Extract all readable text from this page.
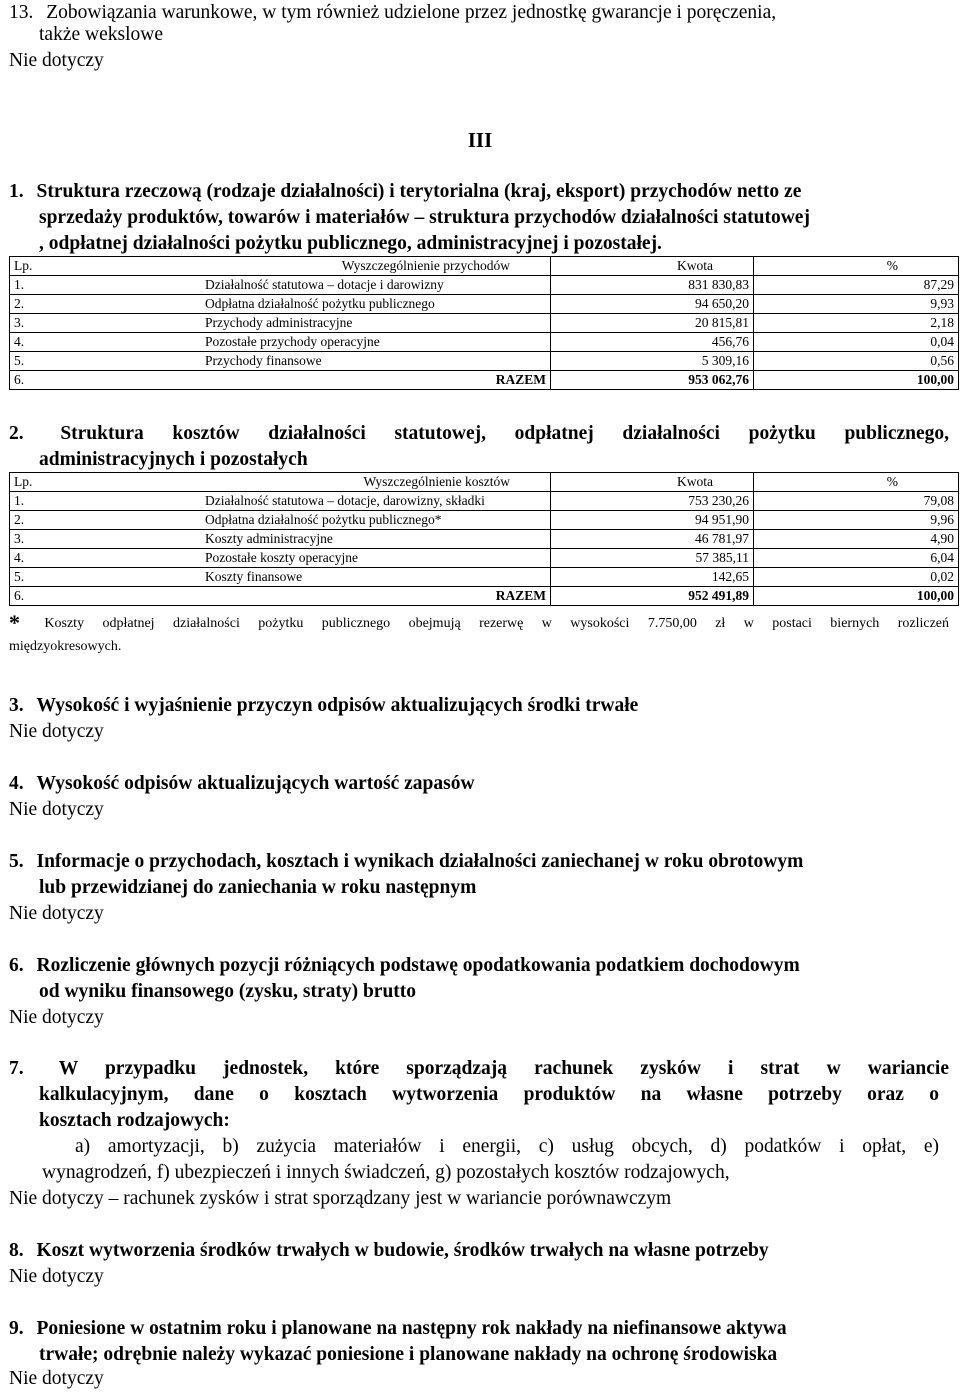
13. Zobowiązania warunkowe, w tym również udzielone przez jednostkę gwarancje i poręczenia,
także wekslowe
Nie dotyczy
III
1. Struktura rzeczową (rodzaje działalności) i terytorialna (kraj, eksport) przychodów netto ze
sprzedaży produktów, towarów i materiałów – struktura przychodów działalności statutowej
, odpłatnej działalności pożytku publicznego, administracyjnej i pozostałej.
Lp.	Wyszczególnienie przychodów	Kwota	%
1.	Działalność statutowa – dotacje i darowizny	831 830,83	87,29
2.	Odpłatna działalność pożytku publicznego	94 650,20	9,93
3.	Przychody administracyjne	20 815,81	2,18
4.	Pozostałe przychody operacyjne	456,76	0,04
5.	Przychody finansowe	5 309,16	0,56
6.	RAZEM	953 062,76	100,00
2. Struktura kosztów działalności statutowej, odpłatnej działalności pożytku publicznego,
administracyjnych i pozostałych
Lp.	Wyszczególnienie kosztów	Kwota	%
1.	Działalność statutowa – dotacje, darowizny, składki	753 230,26	79,08
2.	Odpłatna działalność pożytku publicznego*	94 951,90	9,96
3.	Koszty administracyjne	46 781,97	4,90
4.	Pozostałe koszty operacyjne	57 385,11	6,04
5.	Koszty finansowe	142,65	0,02
6.	RAZEM	952 491,89	100,00
* Koszty odpłatnej działalności pożytku publicznego obejmują rezerwę w wysokości 7.750,00 zł w postaci biernych rozliczeń
międzyokresowych.
3. Wysokość i wyjaśnienie przyczyn odpisów aktualizujących środki trwałe
Nie dotyczy
4. Wysokość odpisów aktualizujących wartość zapasów
Nie dotyczy
5. Informacje o przychodach, kosztach i wynikach działalności zaniechanej w roku obrotowym
lub przewidzianej do zaniechania w roku następnym
Nie dotyczy
6. Rozliczenie głównych pozycji różniących podstawę opodatkowania podatkiem dochodowym
od wyniku finansowego (zysku, straty) brutto
Nie dotyczy
7. W przypadku jednostek, które sporządzają rachunek zysków i strat w wariancie
kalkulacyjnym, dane o kosztach wytworzenia produktów na własne potrzeby oraz o
kosztach rodzajowych:
a) amortyzacji, b) zużycia materiałów i energii, c) usług obcych, d) podatków i opłat, e)
wynagrodzeń, f) ubezpieczeń i innych świadczeń, g) pozostałych kosztów rodzajowych,
Nie dotyczy – rachunek zysków i strat sporządzany jest w wariancie porównawczym
8. Koszt wytworzenia środków trwałych w budowie, środków trwałych na własne potrzeby
Nie dotyczy
9. Poniesione w ostatnim roku i planowane na następny rok nakłady na niefinansowe aktywa
trwałe; odrębnie należy wykazać poniesione i planowane nakłady na ochronę środowiska
Nie dotyczy
